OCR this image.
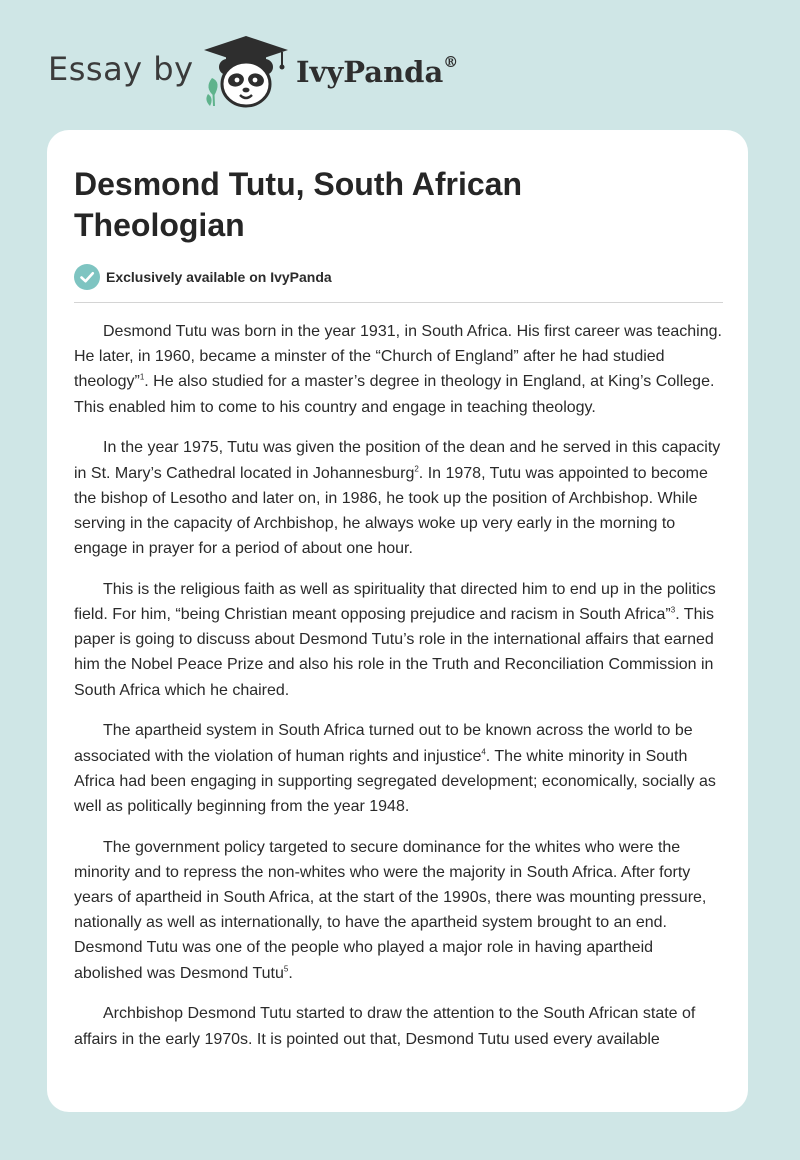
Essay by	IvyPanda®
Desmond Tutu, South African Theologian
Exclusively available on IvyPanda

Desmond Tutu was born in the year 1931, in South Africa. His first career was teaching. He later, in 1960, became a minster of the “Church of England” after he had studied theology”$^1$. He also studied for a master’s degree in theology in England, at King’s College. This enabled him to come to his country and engage in teaching theology.

In the year 1975, Tutu was given the position of the dean and he served in this capacity in St. Mary’s Cathedral located in Johannesburg$^2$. In 1978, Tutu was appointed to become the bishop of Lesotho and later on, in 1986, he took up the position of Archbishop. While serving in the capacity of Archbishop, he always woke up very early in the morning to engage in prayer for a period of about one hour.

This is the religious faith as well as spirituality that directed him to end up in the politics field. For him, “being Christian meant opposing prejudice and racism in South Africa”$^3$. This paper is going to discuss about Desmond Tutu’s role in the international affairs that earned him the Nobel Peace Prize and also his role in the Truth and Reconciliation Commission in South Africa which he chaired.

The apartheid system in South Africa turned out to be known across the world to be associated with the violation of human rights and injustice$^4$. The white minority in South Africa had been engaging in supporting segregated development; economically, socially as well as politically beginning from the year 1948.

The government policy targeted to secure dominance for the whites who were the minority and to repress the non-whites who were the majority in South Africa. After forty years of apartheid in South Africa, at the start of the 1990s, there was mounting pressure, nationally as well as internationally, to have the apartheid system brought to an end. Desmond Tutu was one of the people who played a major role in having apartheid abolished was Desmond Tutu$^5$.

Archbishop Desmond Tutu started to draw the attention to the South African state of affairs in the early 1970s. It is pointed out that, Desmond Tutu used every available
